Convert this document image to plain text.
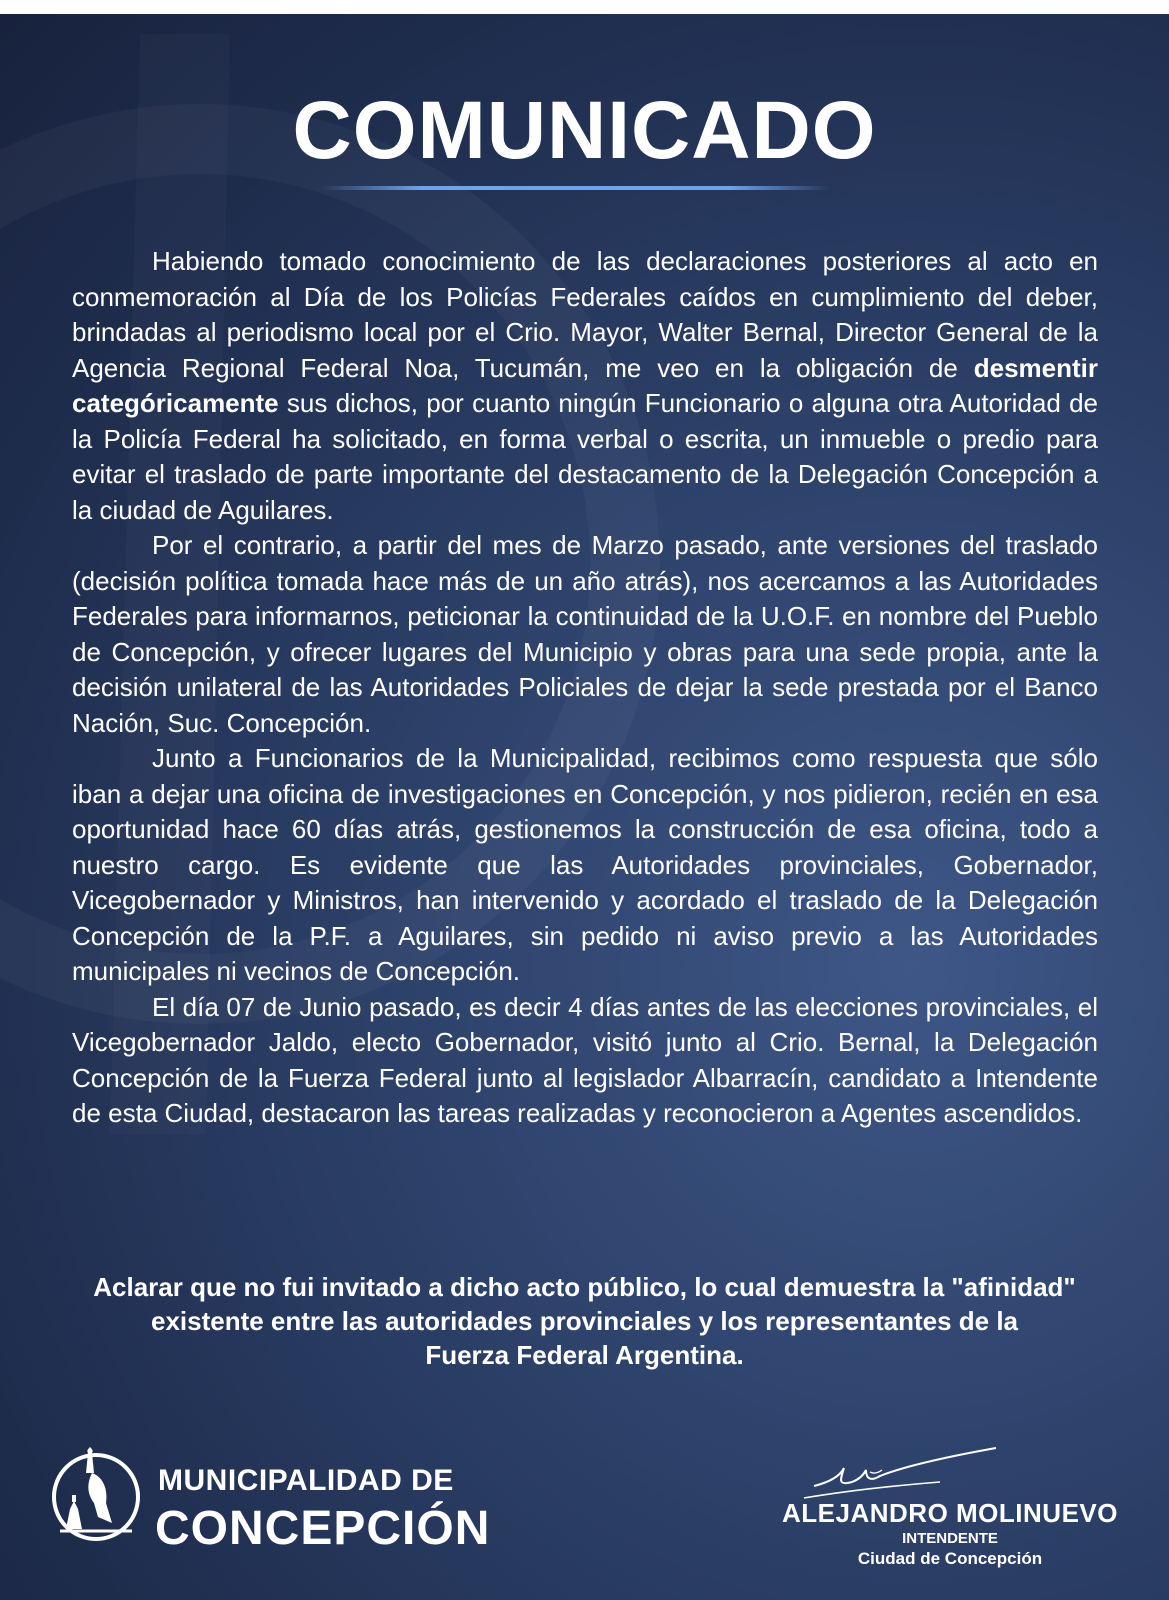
COMUNICADO

Habiendo tomado conocimiento de las declaraciones posteriores al acto en conmemoración al Día de los Policías Federales caídos en cumplimiento del deber, brindadas al periodismo local por el Crio. Mayor, Walter Bernal, Director General de la Agencia Regional Federal Noa, Tucumán, me veo en la obligación de desmentir categóricamente sus dichos, por cuanto ningún Funcionario o alguna otra Autoridad de la Policía Federal ha solicitado, en forma verbal o escrita, un inmueble o predio para evitar el traslado de parte importante del destacamento de la Delegación Concepción a la ciudad de Aguilares.

Por el contrario, a partir del mes de Marzo pasado, ante versiones del traslado (decisión política tomada hace más de un año atrás), nos acercamos a las Autoridades Federales para informarnos, peticionar la continuidad de la U.O.F. en nombre del Pueblo de Concepción, y ofrecer lugares del Municipio y obras para una sede propia, ante la decisión unilateral de las Autoridades Policiales de dejar la sede prestada por el Banco Nación, Suc. Concepción.

Junto a Funcionarios de la Municipalidad, recibimos como respuesta que sólo iban a dejar una oficina de investigaciones en Concepción, y nos pidieron, recién en esa oportunidad hace 60 días atrás, gestionemos la construcción de esa oficina, todo a nuestro cargo. Es evidente que las Autoridades provinciales, Gobernador, Vicegobernador y Ministros, han intervenido y acordado el traslado de la Delegación Concepción de la P.F. a Aguilares, sin pedido ni aviso previo a las Autoridades municipales ni vecinos de Concepción.

El día 07 de Junio pasado, es decir 4 días antes de las elecciones provinciales, el Vicegobernador Jaldo, electo Gobernador, visitó junto al Crio. Bernal, la Delegación Concepción de la Fuerza Federal junto al legislador Albarracín, candidato a Intendente de esta Ciudad, destacaron las tareas realizadas y reconocieron a Agentes ascendidos.

Aclarar que no fui invitado a dicho acto público, lo cual demuestra la "afinidad"
existente entre las autoridades provinciales y los representantes de la
Fuerza Federal Argentina.
MUNICIPALIDAD DE
CONCEPCIÓN	ALEJANDRO MOLINUEVO
INTENDENTE
Ciudad de Concepción
